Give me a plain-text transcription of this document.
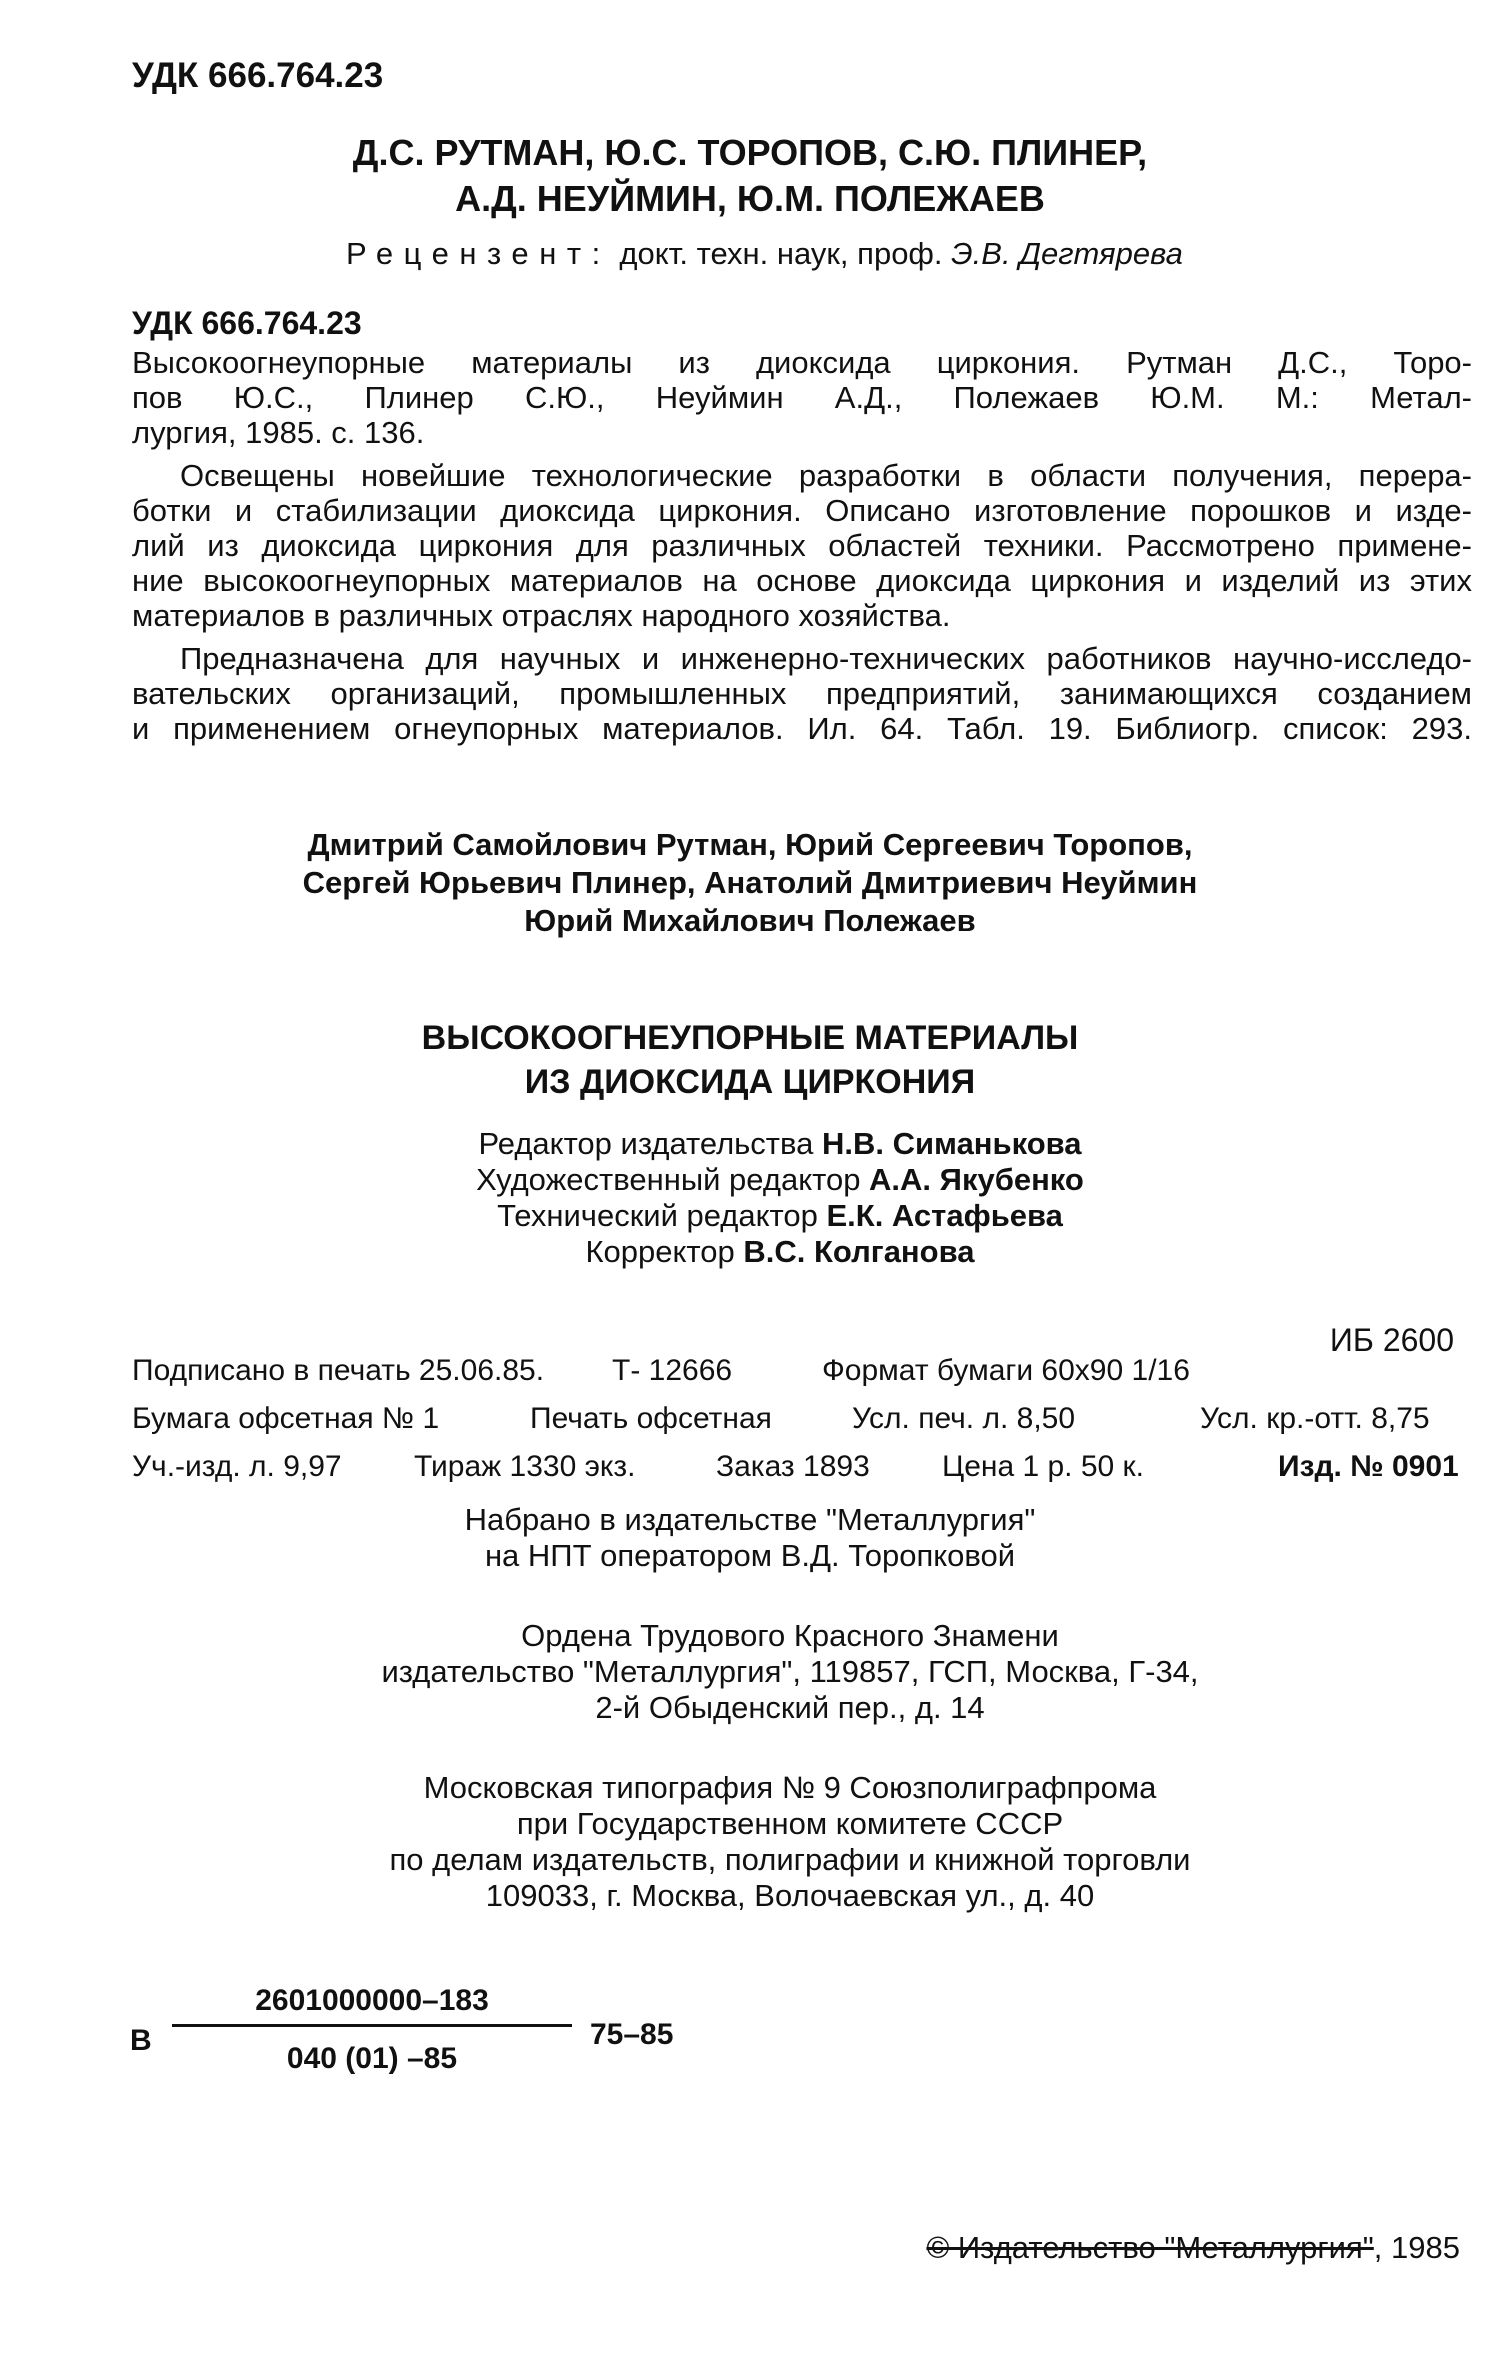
УДК 666.764.23
Д.С. РУТМАН, Ю.С. ТОРОПОВ, С.Ю. ПЛИНЕР,
А.Д. НЕУЙМИН, Ю.М. ПОЛЕЖАЕВ
Рецензент: докт. техн. наук, проф. Э.В. Дегтярева
УДК 666.764.23
Высокоогнеупорные материалы из диоксида циркония. Рутман Д.С., Торо-
пов Ю.С., Плинер С.Ю., Неуймин А.Д., Полежаев Ю.М. М.: Метал-
лургия, 1985. с. 136.
Освещены новейшие технологические разработки в области получения, перера-
ботки и стабилизации диоксида циркония. Описано изготовление порошков и изде-
лий из диоксида циркония для различных областей техники. Рассмотрено примене-
ние высокоогнеупорных материалов на основе диоксида циркония и изделий из этих
материалов в различных отраслях народного хозяйства.
Предназначена для научных и инженерно-технических работников научно-исследо-
вательских организаций, промышленных предприятий, занимающихся созданием
и применением огнеупорных материалов. Ил. 64. Табл. 19. Библиогр. список: 293.
Дмитрий Самойлович Рутман, Юрий Сергеевич Торопов,
Сергей Юрьевич Плинер, Анатолий Дмитриевич Неуймин
Юрий Михайлович Полежаев
ВЫСОКООГНЕУПОРНЫЕ МАТЕРИАЛЫ
ИЗ ДИОКСИДА ЦИРКОНИЯ
Редактор издательства Н.В. Симанькова
Художественный редактор А.А. Якубенко
Технический редактор Е.К. Астафьева
Корректор В.С. Колганова
ИБ 2600
Подписано в печать 25.06.85. Т- 12666	Формат бумаги 60х90 1/16
Бумага офсетная № 1	Печать офсетная	Усл. печ. л. 8,50	Усл. кр.-отт. 8,75
Уч.-изд. л. 9,97 Тираж 1330 экз.	Заказ 1893 Цена 1 р. 50 к.	Изд. № 0901
Набрано в издательстве "Металлургия"
на НПТ оператором В.Д. Торопковой
Ордена Трудового Красного Знамени
издательство "Металлургия", 119857, ГСП, Москва, Г-34,
2-й Обыденский пер., д. 14
Московская типография № 9 Союзполиграфпрома
при Государственном комитете СССР
по делам издательств, полиграфии и книжной торговли
109033, г. Москва, Волочаевская ул., д. 40
В
2601000000–183
040 (01) –85
75–85
© Издательство "Металлургия", 1985
